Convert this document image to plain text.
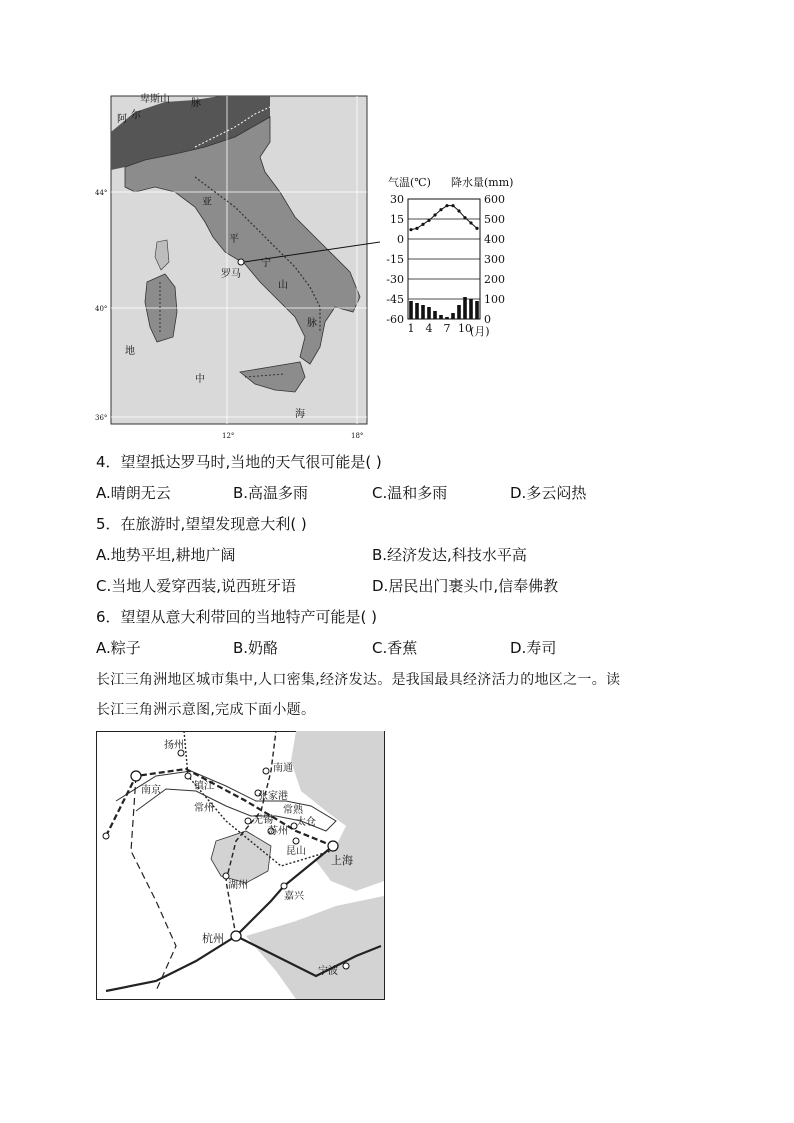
卑斯山
阿 尔
脉
亚
平
宁
山
脉
罗马
地
中
海
44°
40°
36°
12°	18°
气温(℃) 降水量(mm)
30	600
15	500
0	400
-15	300
-30	200
-45	100
-60	0
1 4 7 10
(月)
4．望望抵达罗马时,当地的天气很可能是( )
A.晴朗无云	B.高温多雨	C.温和多雨	D.多云闷热
5．在旅游时,望望发现意大利( )
A.地势平坦,耕地广阔	B.经济发达,科技水平高
C.当地人爱穿西装,说西班牙语	D.居民出门裹头巾,信奉佛教
6．望望从意大利带回的当地特产可能是( )
A.粽子	B.奶酪	C.香蕉	D.寿司
长江三角洲地区城市集中,人口密集,经济发达。是我国最具经济活力的地区之一。读
长江三角洲示意图,完成下面小题。
扬州
南通
南京	镇江
常州
张家港
常熟
无锡 太仓
苏州
昆山
上海
湖州
嘉兴
杭州
宁波
